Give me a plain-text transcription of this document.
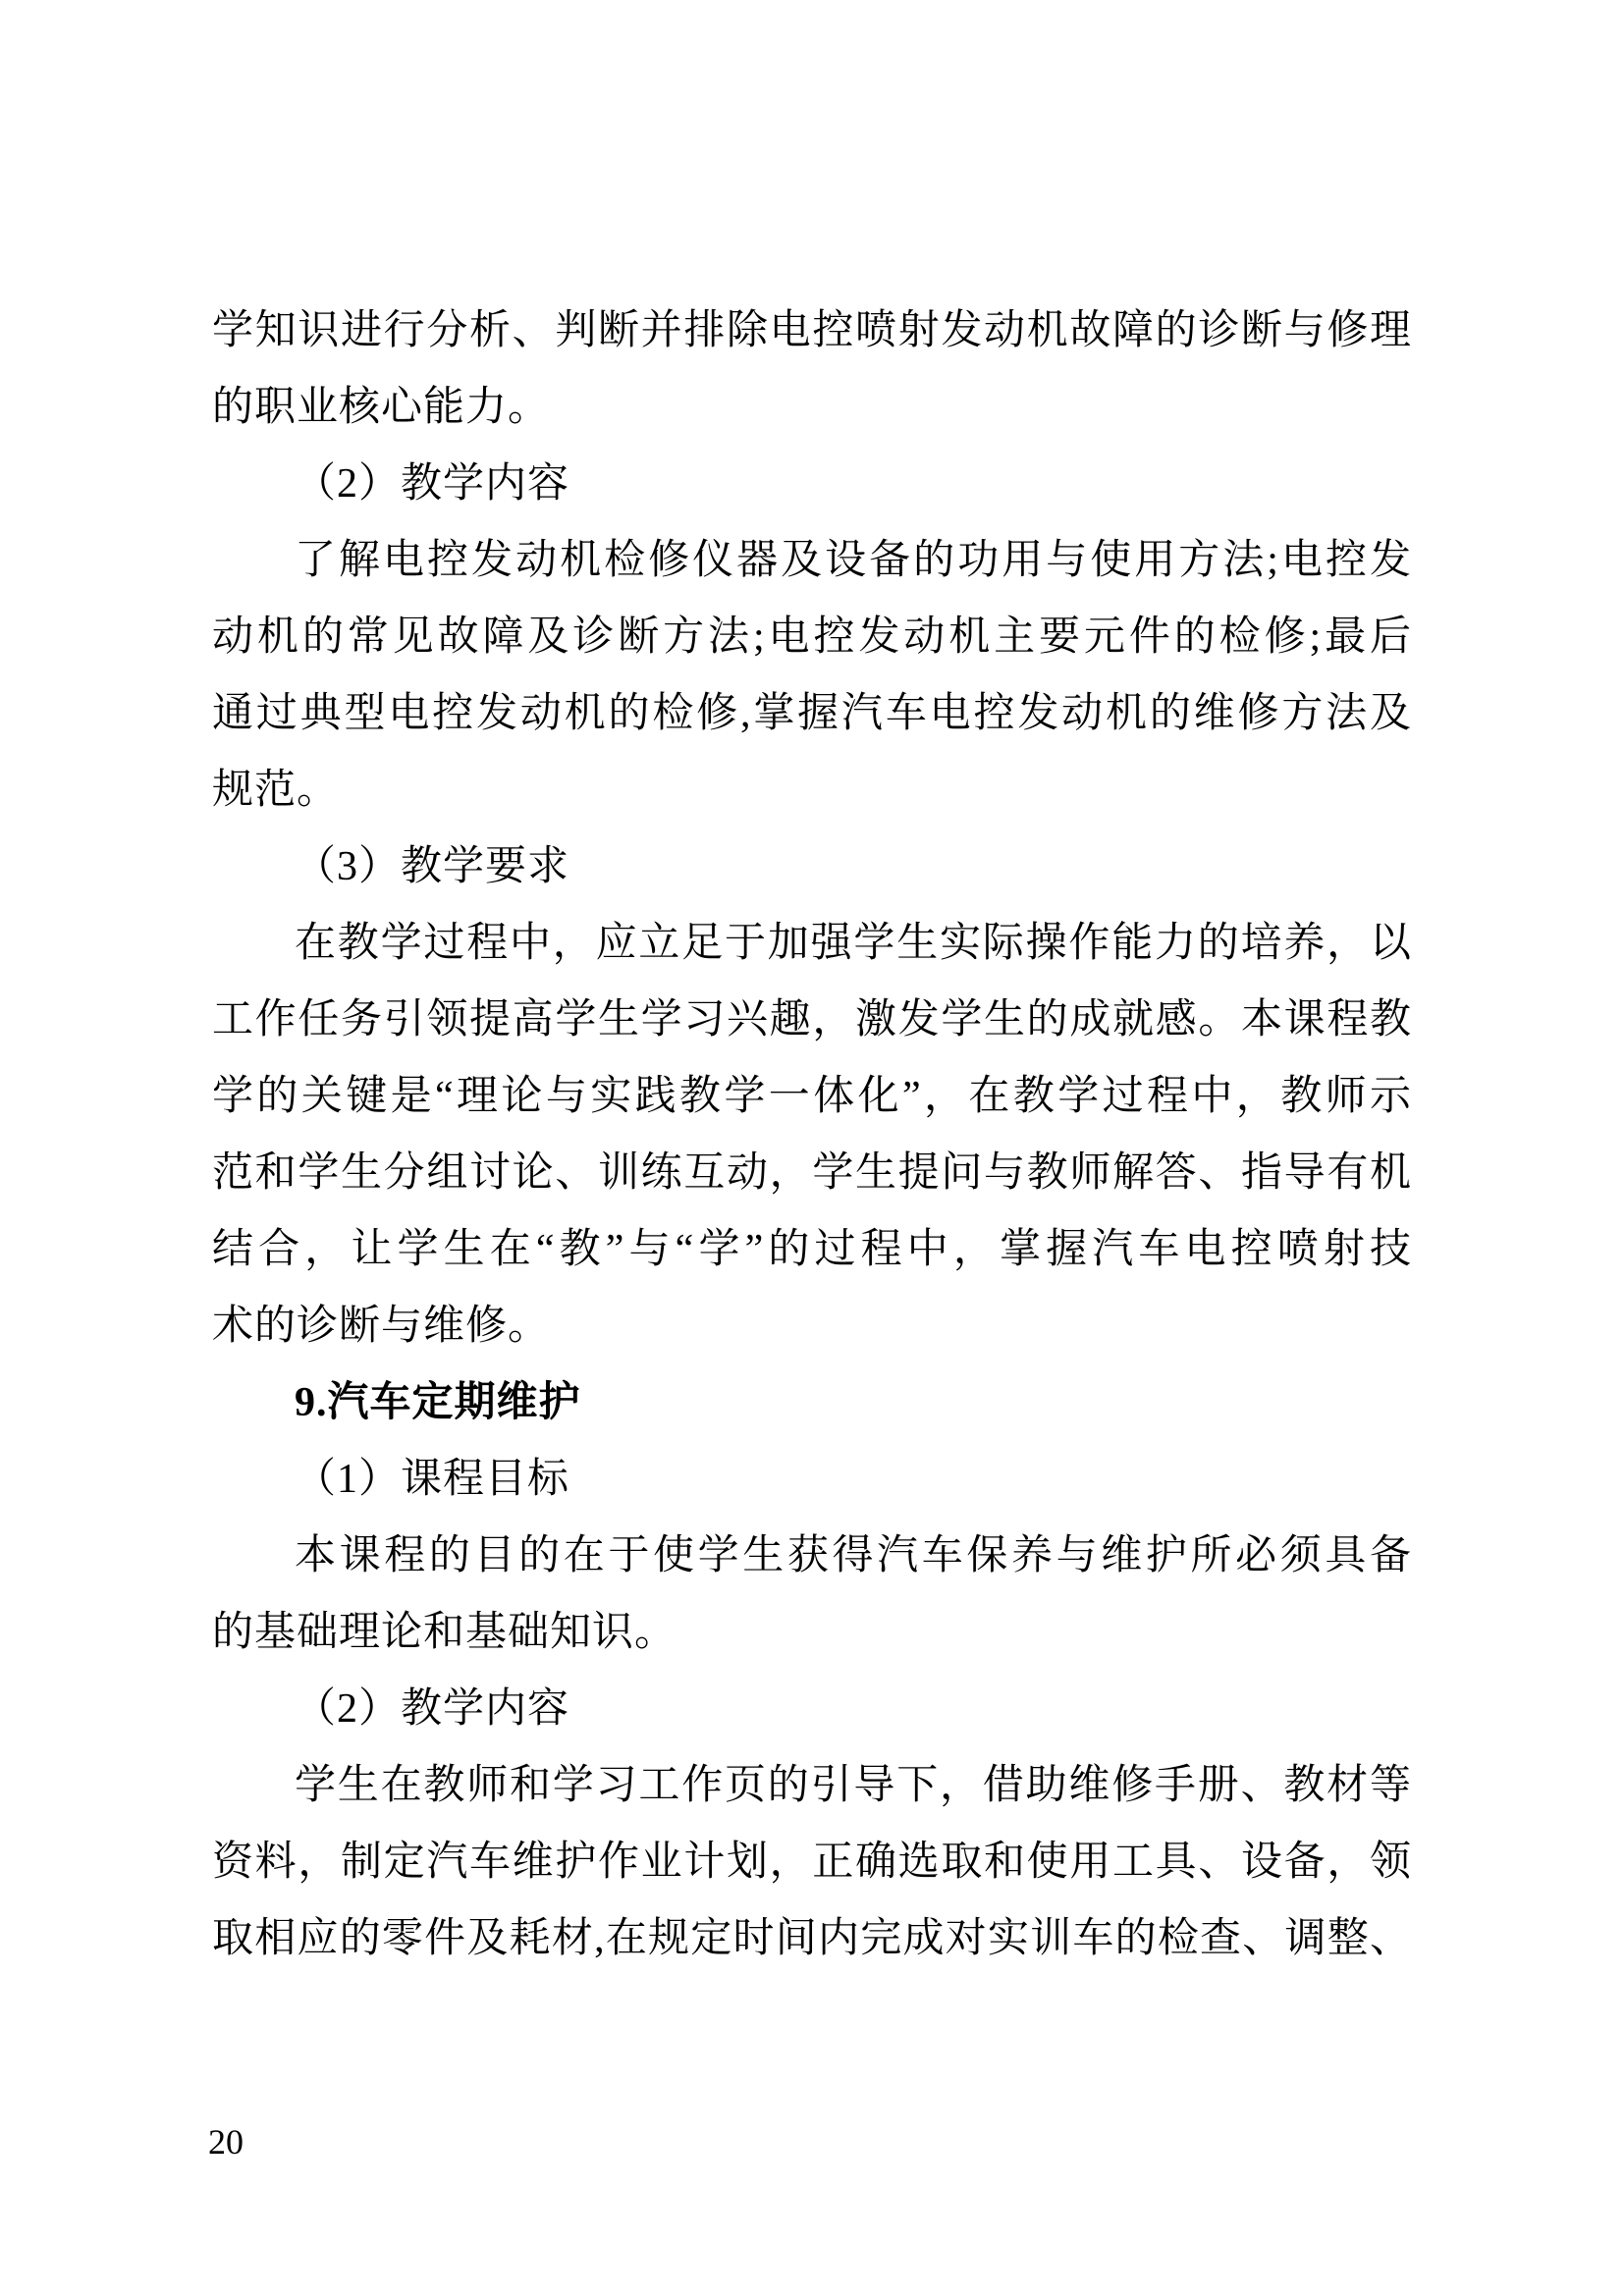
学知识进行分析、判断并排除电控喷射发动机故障的诊断与修理
的职业核心能力。
（2）教学内容
了解电控发动机检修仪器及设备的功用与使用方法;电控发
动机的常见故障及诊断方法;电控发动机主要元件的检修;最后
通过典型电控发动机的检修,掌握汽车电控发动机的维修方法及
规范。
（3）教学要求
在教学过程中，应立足于加强学生实际操作能力的培养，以
工作任务引领提高学生学习兴趣，激发学生的成就感。本课程教
学的关键是“理论与实践教学一体化”，在教学过程中，教师示
范和学生分组讨论、训练互动，学生提问与教师解答、指导有机
结合，让学生在“教”与“学”的过程中，掌握汽车电控喷射技
术的诊断与维修。
9.汽车定期维护
（1）课程目标
本课程的目的在于使学生获得汽车保养与维护所必须具备
的基础理论和基础知识。
（2）教学内容
学生在教师和学习工作页的引导下，借助维修手册、教材等
资料，制定汽车维护作业计划，正确选取和使用工具、设备，领
取相应的零件及耗材,在规定时间内完成对实训车的检查、调整、
20
